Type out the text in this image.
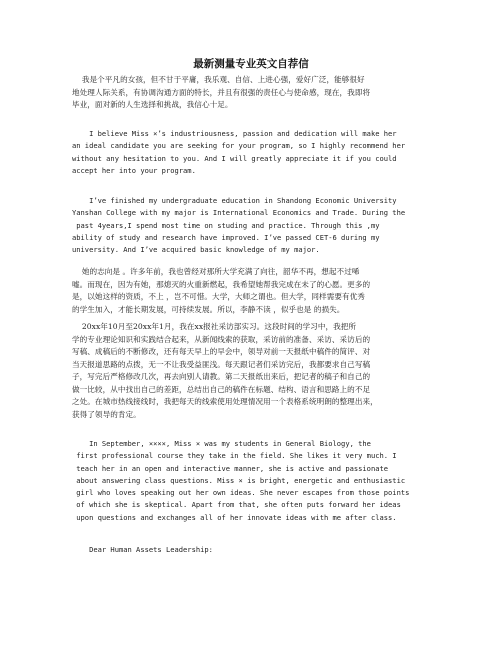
最新测量专业英文自荐信
我是个平凡的女孩，但不甘于平庸，我乐观、自信、上进心强，爱好广泛，能够很好
地处理人际关系，有协调沟通方面的特长，并且有很强的责任心与使命感，现在，我即将
毕业，面对新的人生选择和挑战，我信心十足。
I believe Miss ×’s industriousness, passion and dedication will make her
an ideal candidate you are seeking for your program, so I highly recommend her
without any hesitation to you. And I will greatly appreciate it if you could
accept her into your program.
I’ve finished my undergraduate education in Shandong Economic University
Yanshan College with my major is International Economics and Trade. During the
past 4years,I spend most time on studing and practice. Through this ,my
ability of study and research have improved. I’ve passed CET-6 during my
university. And I’ve acquired basic knowledge of my major.
她的志向是 。许多年前，我也曾经对那所大学充满了向往，韶华不再，想起不过唏
嘘。而现在，因为有她，那熄灭的火重新燃起，我希望她帮我完成在未了的心愿。更多的
是，以她这样的资质，不上 ，岂不可惜。大学，大师之谓也。但大学，同样需要有优秀
的学生加入，才能长期发展，可持续发展。所以，李静不读 ，似乎也是 的损失。
20xx年10月至20xx年1月，我在xx报社采访部实习。这段时间的学习中，我把所
学的专业理论知识和实践结合起来，从新闻线索的获取，采访前的准备、采访、采访后的
写稿、成稿后的不断修改，还有每天早上的早会中，领导对前一天报纸中稿件的简评、对
当天报道思路的点拨，无一不让我受益匪浅。每天跟记者们采访完后，我都要求自己写稿
子，写完后严格修改几次，再去向别人请教。第二天报纸出来后，把记者的稿子和自己的
做一比较，从中找出自己的差距，总结出自己的稿件在标题、结构、语言和思路上的不足
之处。在城市热线接线时，我把每天的线索使用处理情况用一个表格系统明朗的整理出来，
获得了领导的肯定。
In September, ××××, Miss × was my students in General Biology, the
first professional course they take in the field. She likes it very much. I
teach her in an open and interactive manner, she is active and passionate
about answering class questions. Miss × is bright, energetic and enthusiastic
girl who loves speaking out her own ideas. She never escapes from those points
of which she is skeptical. Apart from that, she often puts forward her ideas
upon questions and exchanges all of her innovate ideas with me after class.
Dear Human Assets Leadership:
